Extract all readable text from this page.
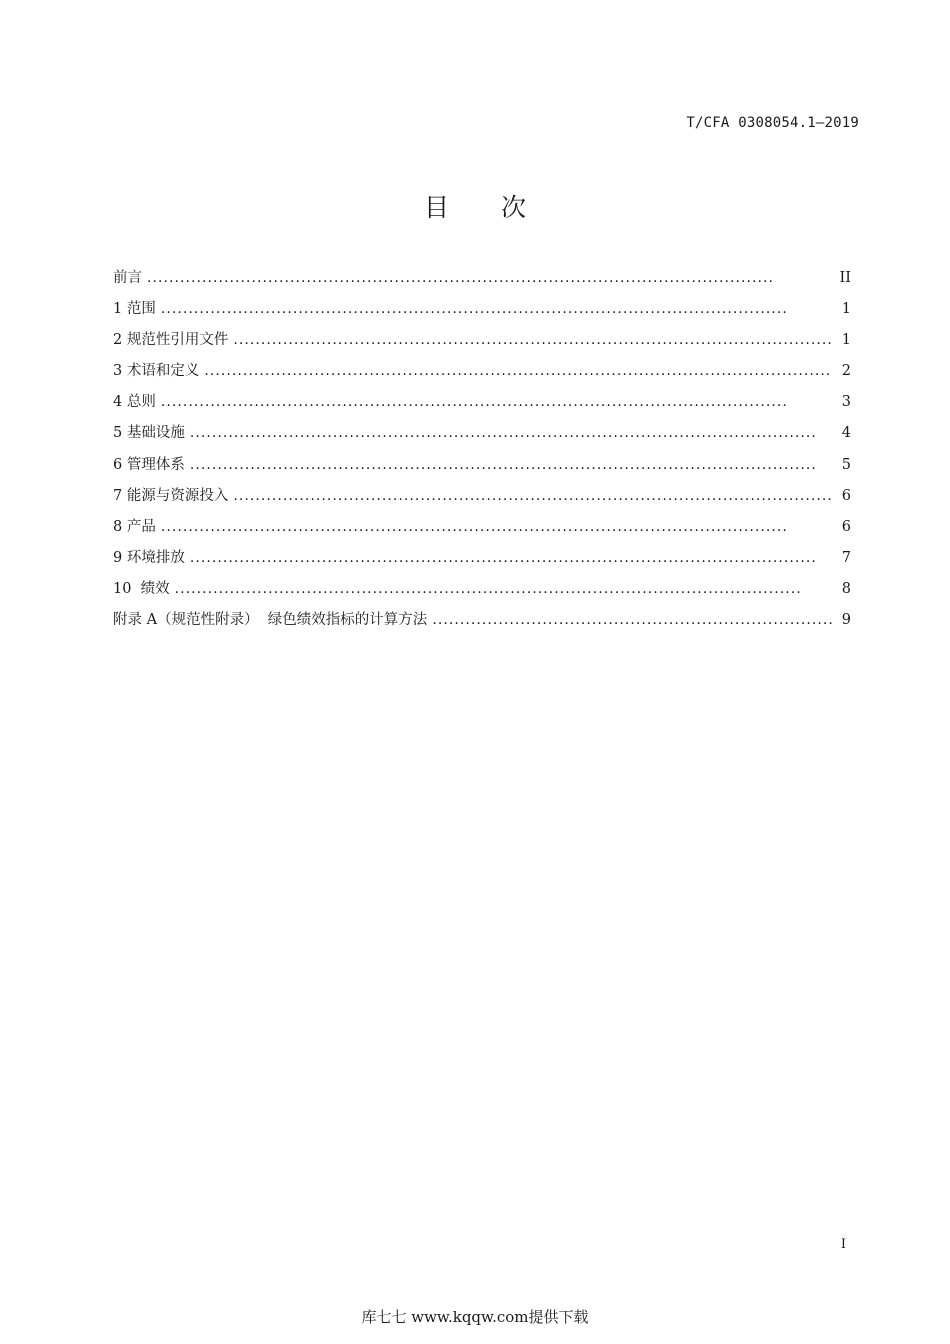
T/CFA 0308054.1—2019
目 次
前言 . . .	II
1 范围 . . .	1
2 规范性引用文件 . . .	1
3 术语和定义 . . .	2
4 总则 . . .	3
5 基础设施 . . .	4
6 管理体系 . . .	5
7 能源与资源投入 . . .	6
8 产品 . . .	6
9 环境排放 . . .	7
10  绩效 . . .	8
附录 A（规范性附录）  绿色绩效指标的计算方法 . . .	9
I
库七七 www.kqqw.com提供下载
